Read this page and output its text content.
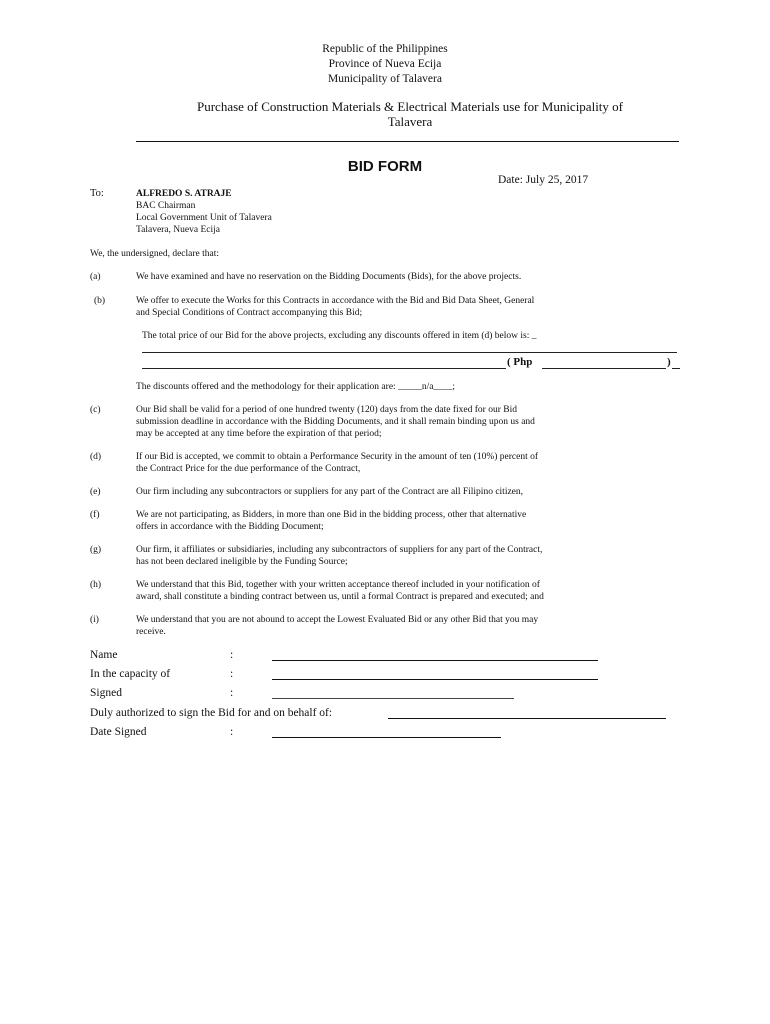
Republic of the Philippines
Province of Nueva Ecija
Municipality of Talavera
Purchase of Construction Materials & Electrical Materials use for Municipality of
Talavera
BID FORM
Date: July 25, 2017
To:	ALFREDO S. ATRAJE
BAC Chairman
Local Government Unit of Talavera
Talavera, Nueva Ecija
We, the undersigned, declare that:
(a)	We have examined and have no reservation on the Bidding Documents (Bids), for the above projects.
(b)	We offer to execute the Works for this Contracts in accordance with the Bid and Bid Data Sheet, General
and Special Conditions of Contract accompanying this Bid;
The total price of our Bid for the above projects, excluding any discounts offered in item (d) below is: _
( Php	)
The discounts offered and the methodology for their application are: _____n/a____;
(c)	Our Bid shall be valid for a period of one hundred twenty (120) days from the date fixed for our Bid
submission deadline in accordance with the Bidding Documents, and it shall remain binding upon us and
may be accepted at any time before the expiration of that period;
(d)	If our Bid is accepted, we commit to obtain a Performance Security in the amount of ten (10%) percent of
the Contract Price for the due performance of the Contract,
(e)	Our firm including any subcontractors or suppliers for any part of the Contract are all Filipino citizen,
(f)	We are not participating, as Bidders, in more than one Bid in the bidding process, other that alternative
offers in accordance with the Bidding Document;
(g)	Our firm, it affiliates or subsidiaries, including any subcontractors of suppliers for any part of the Contract,
has not been declared ineligible by the Funding Source;
(h)	We understand that this Bid, together with your written acceptance thereof included in your notification of
award, shall constitute a binding contract between us, until a formal Contract is prepared and executed; and
(i)	We understand that you are not abound to accept the Lowest Evaluated Bid or any other Bid that you may
receive.
Name	:
In the capacity of	:
Signed	:
Duly authorized to sign the Bid for and on behalf of:
Date Signed	:
